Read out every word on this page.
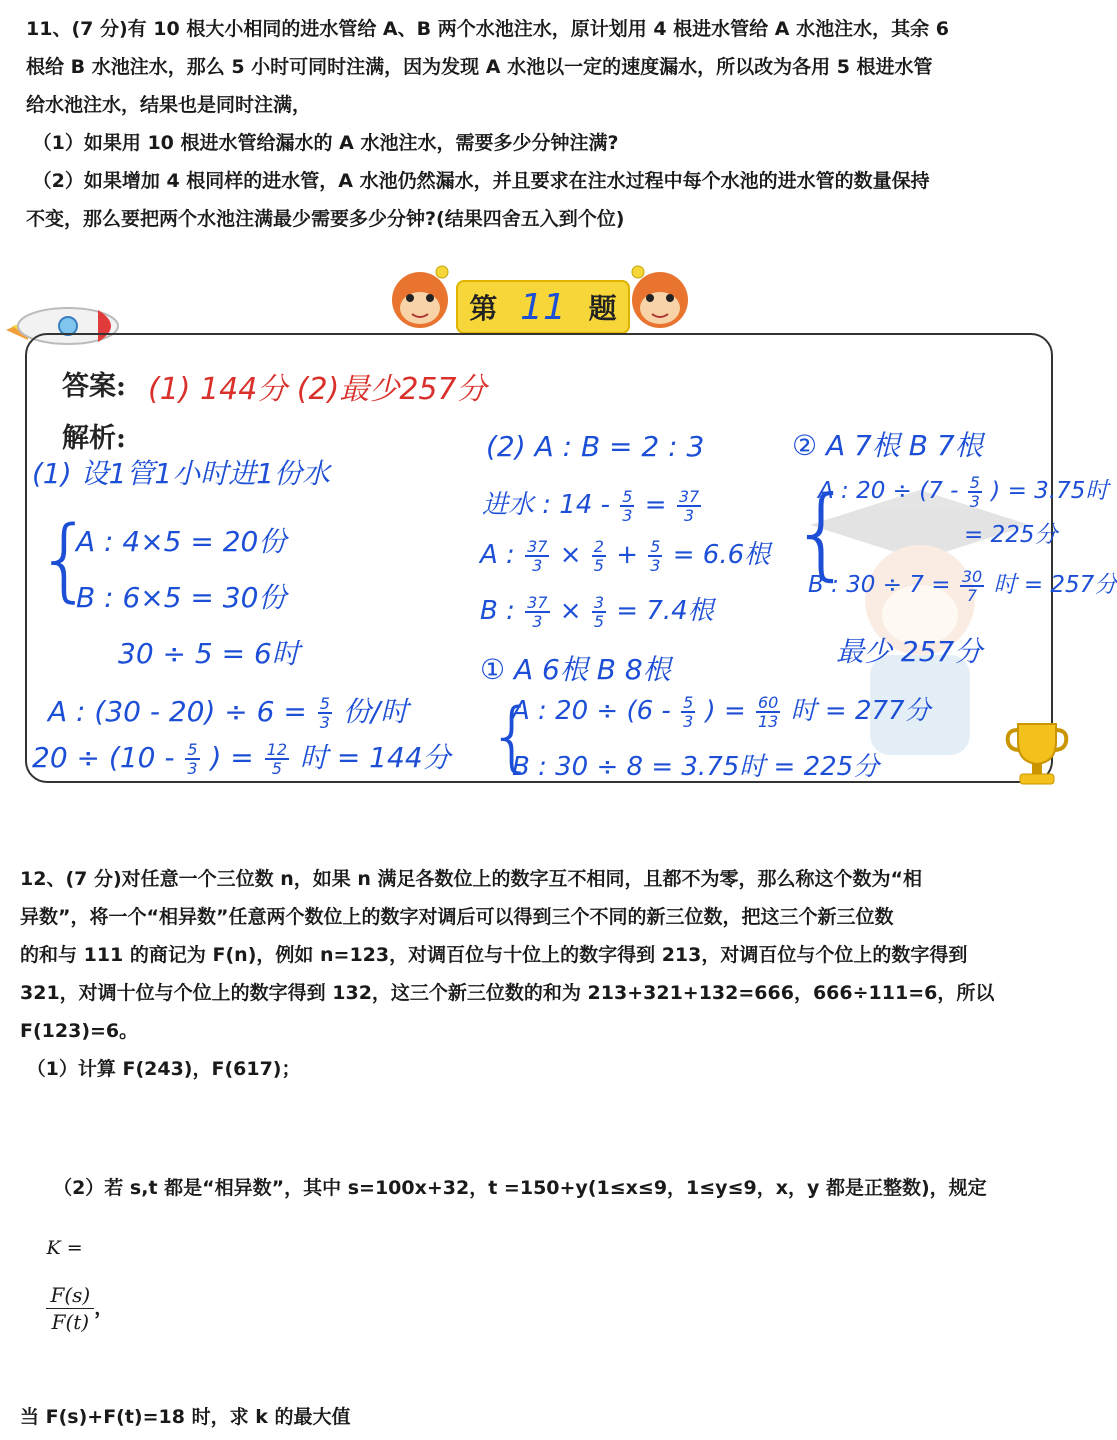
11、(7 分)有 10 根大小相同的进水管给 A、B 两个水池注水，原计划用 4 根进水管给 A 水池注水，其余 6

根给 B 水池注水，那么 5 小时可同时注满，因为发现 A 水池以一定的速度漏水，所以改为各用 5 根进水管

给水池注水，结果也是同时注满，

（1）如果用 10 根进水管给漏水的 A 水池注水，需要多少分钟注满?

（2）如果增加 4 根同样的进水管，A 水池仍然漏水，并且要求在注水过程中每个水池的进水管的数量保持

不变，那么要把两个水池注满最少需要多少分钟?(结果四舍五入到个位)

第 11 题
答案: (1) 144分 (2)最少257分
解析:
(1) 设1管1小时进1份水
{
A : 4×5 = 20份
B : 6×5 = 30份
30 ÷ 5 = 6时
A : $(30 - 20) \div 6 = \frac{5}{3}$ 份/时
$20 \div (10 - \frac{5}{3}$ ) = $\frac{12}{5}$ 时 = 144分
(2) A : B = 2 : 3
进水 : $14 - \frac{5}{3} = \frac{37}{3}$
A : $\frac{37}{3} \times \frac{2}{5} + \frac{5}{3} = 6.6$根
B : $\frac{37}{3} \times \frac{3}{5} = 7.4$根
① A 6根 B 8根
{
A : $20 \div (6 - \frac{5}{3}$ ) = $\frac{60}{13}$ 时 = 277分
B : 30 ÷ 8 = 3.75时 = 225分
② A 7根 B 7根
{
A : $20 \div (7 - \frac{5}{3}$ ) = 3.75时
= 225分
B : $30 \div 7 = \frac{30}{7}$ 时 = 257分
最少 257分

12、(7 分)对任意一个三位数 n，如果 n 满足各数位上的数字互不相同，且都不为零，那么称这个数为“相

异数”，将一个“相异数”任意两个数位上的数字对调后可以得到三个不同的新三位数，把这三个新三位数

的和与 111 的商记为 F(n)，例如 n=123，对调百位与十位上的数字得到 213，对调百位与个位上的数字得到

321，对调十位与个位上的数字得到 132，这三个新三位数的和为 213+321+132=666，666÷111=6，所以

F(123)=6。

（1）计算 F(243)，F(617)；

（2）若 s,t 都是“相异数”，其中 s=100x+32，t =150+y(1≤x≤9，1≤y≤9，x，y 都是正整数)，规定
K =

$\frac{F(s)}{F(t)}$ ，

当 F(s)+F(t)=18 时，求 k 的最大值
